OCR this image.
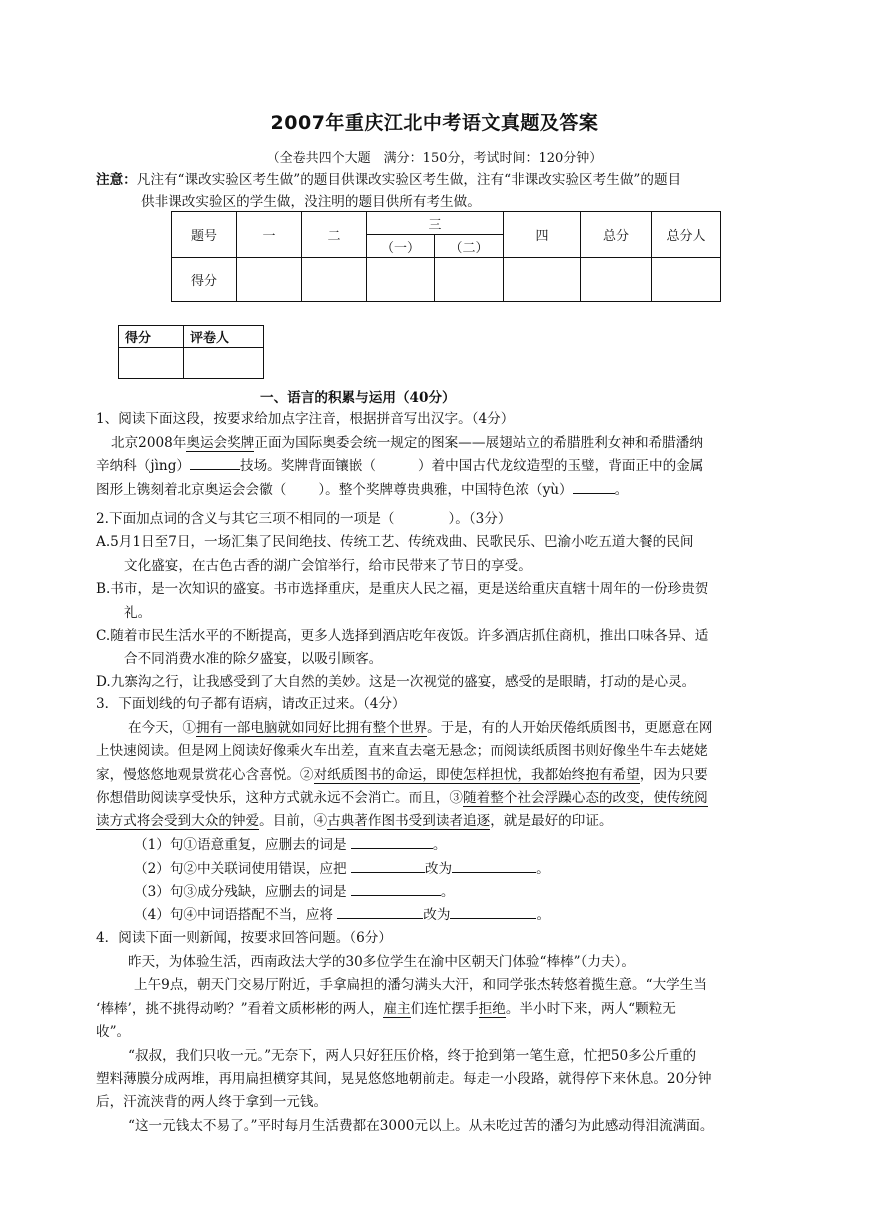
2007年重庆江北中考语文真题及答案
（全卷共四个大题　满分：150分，考试时间：120分钟）
注意：凡注有“课改实验区考生做”的题目供课改实验区考生做，注有“非课改实验区考生做”的题目
供非课改实验区的学生做，没注明的题目供所有考生做。
题号	一	二	三		四	总分	总分人
			（一）	（二）			
得分							
得分	评卷人

一、语言的积累与运用（40分）
1、阅读下面这段，按要求给加点字注音，根据拼音写出汉字。（4分）
北京2008年奥运会奖牌正面为国际奥委会统一规定的图案——展翅站立的希腊胜利女神和希腊潘纳
辛纳科（jìng）	技场。奖牌背面镶嵌（	）着中国古代龙纹造型的玉璧，背面正中的金属
图形上镌刻着北京奥运会会徽（ ）。整个奖牌尊贵典雅，中国特色浓（yù）	。
2.下面加点词的含义与其它三项不相同的一项是（	）。（3分）
A.5月1日至7日，一场汇集了民间绝技、传统工艺、传统戏曲、民歌民乐、巴渝小吃五道大餐的民间
文化盛宴，在古色古香的湖广会馆举行，给市民带来了节日的享受。
B.书市，是一次知识的盛宴。书市选择重庆，是重庆人民之福，更是送给重庆直辖十周年的一份珍贵贺
礼。
C.随着市民生活水平的不断提高，更多人选择到酒店吃年夜饭。许多酒店抓住商机，推出口味各异、适
合不同消费水准的除夕盛宴，以吸引顾客。
D.九寨沟之行，让我感受到了大自然的美妙。这是一次视觉的盛宴，感受的是眼睛，打动的是心灵。
3．下面划线的句子都有语病，请改正过来。（4分）
在今天，①拥有一部电脑就如同好比拥有整个世界。于是，有的人开始厌倦纸质图书，更愿意在网
上快速阅读。但是网上阅读好像乘火车出差，直来直去毫无悬念；而阅读纸质图书则好像坐牛车去姥姥
家，慢悠悠地观景赏花心含喜悦。②对纸质图书的命运，即使怎样担忧，我都始终抱有希望，因为只要
你想借助阅读享受快乐，这种方式就永远不会消亡。而且，③随着整个社会浮躁心态的改变，使传统阅
读方式将会受到大众的钟爱。目前，④古典著作图书受到读者追逐，就是最好的印证。
（1）句①语意重复，应删去的词是	。
（2）句②中关联词使用错误，应把	改为	。
（3）句③成分残缺，应删去的词是	。
（4）句④中词语搭配不当，应将	改为	。
4．阅读下面一则新闻，按要求回答问题。（6分）
昨天，为体验生活，西南政法大学的30多位学生在渝中区朝天门体验“棒棒”（力夫）。
上午9点，朝天门交易厅附近，手拿扁担的潘匀满头大汗，和同学张杰转悠着揽生意。“大学生当
‘棒棒’，挑不挑得动哟？”看着文质彬彬的两人，雇主们连忙摆手拒绝。半小时下来，两人“颗粒无
收”。
“叔叔，我们只收一元。”无奈下，两人只好狂压价格，终于抢到第一笔生意，忙把50多公斤重的
塑料薄膜分成两堆，再用扁担横穿其间，晃晃悠悠地朝前走。每走一小段路，就得停下来休息。20分钟
后，汗流浃背的两人终于拿到一元钱。
“这一元钱太不易了。”平时每月生活费都在3000元以上。从未吃过苦的潘匀为此感动得泪流满面。
